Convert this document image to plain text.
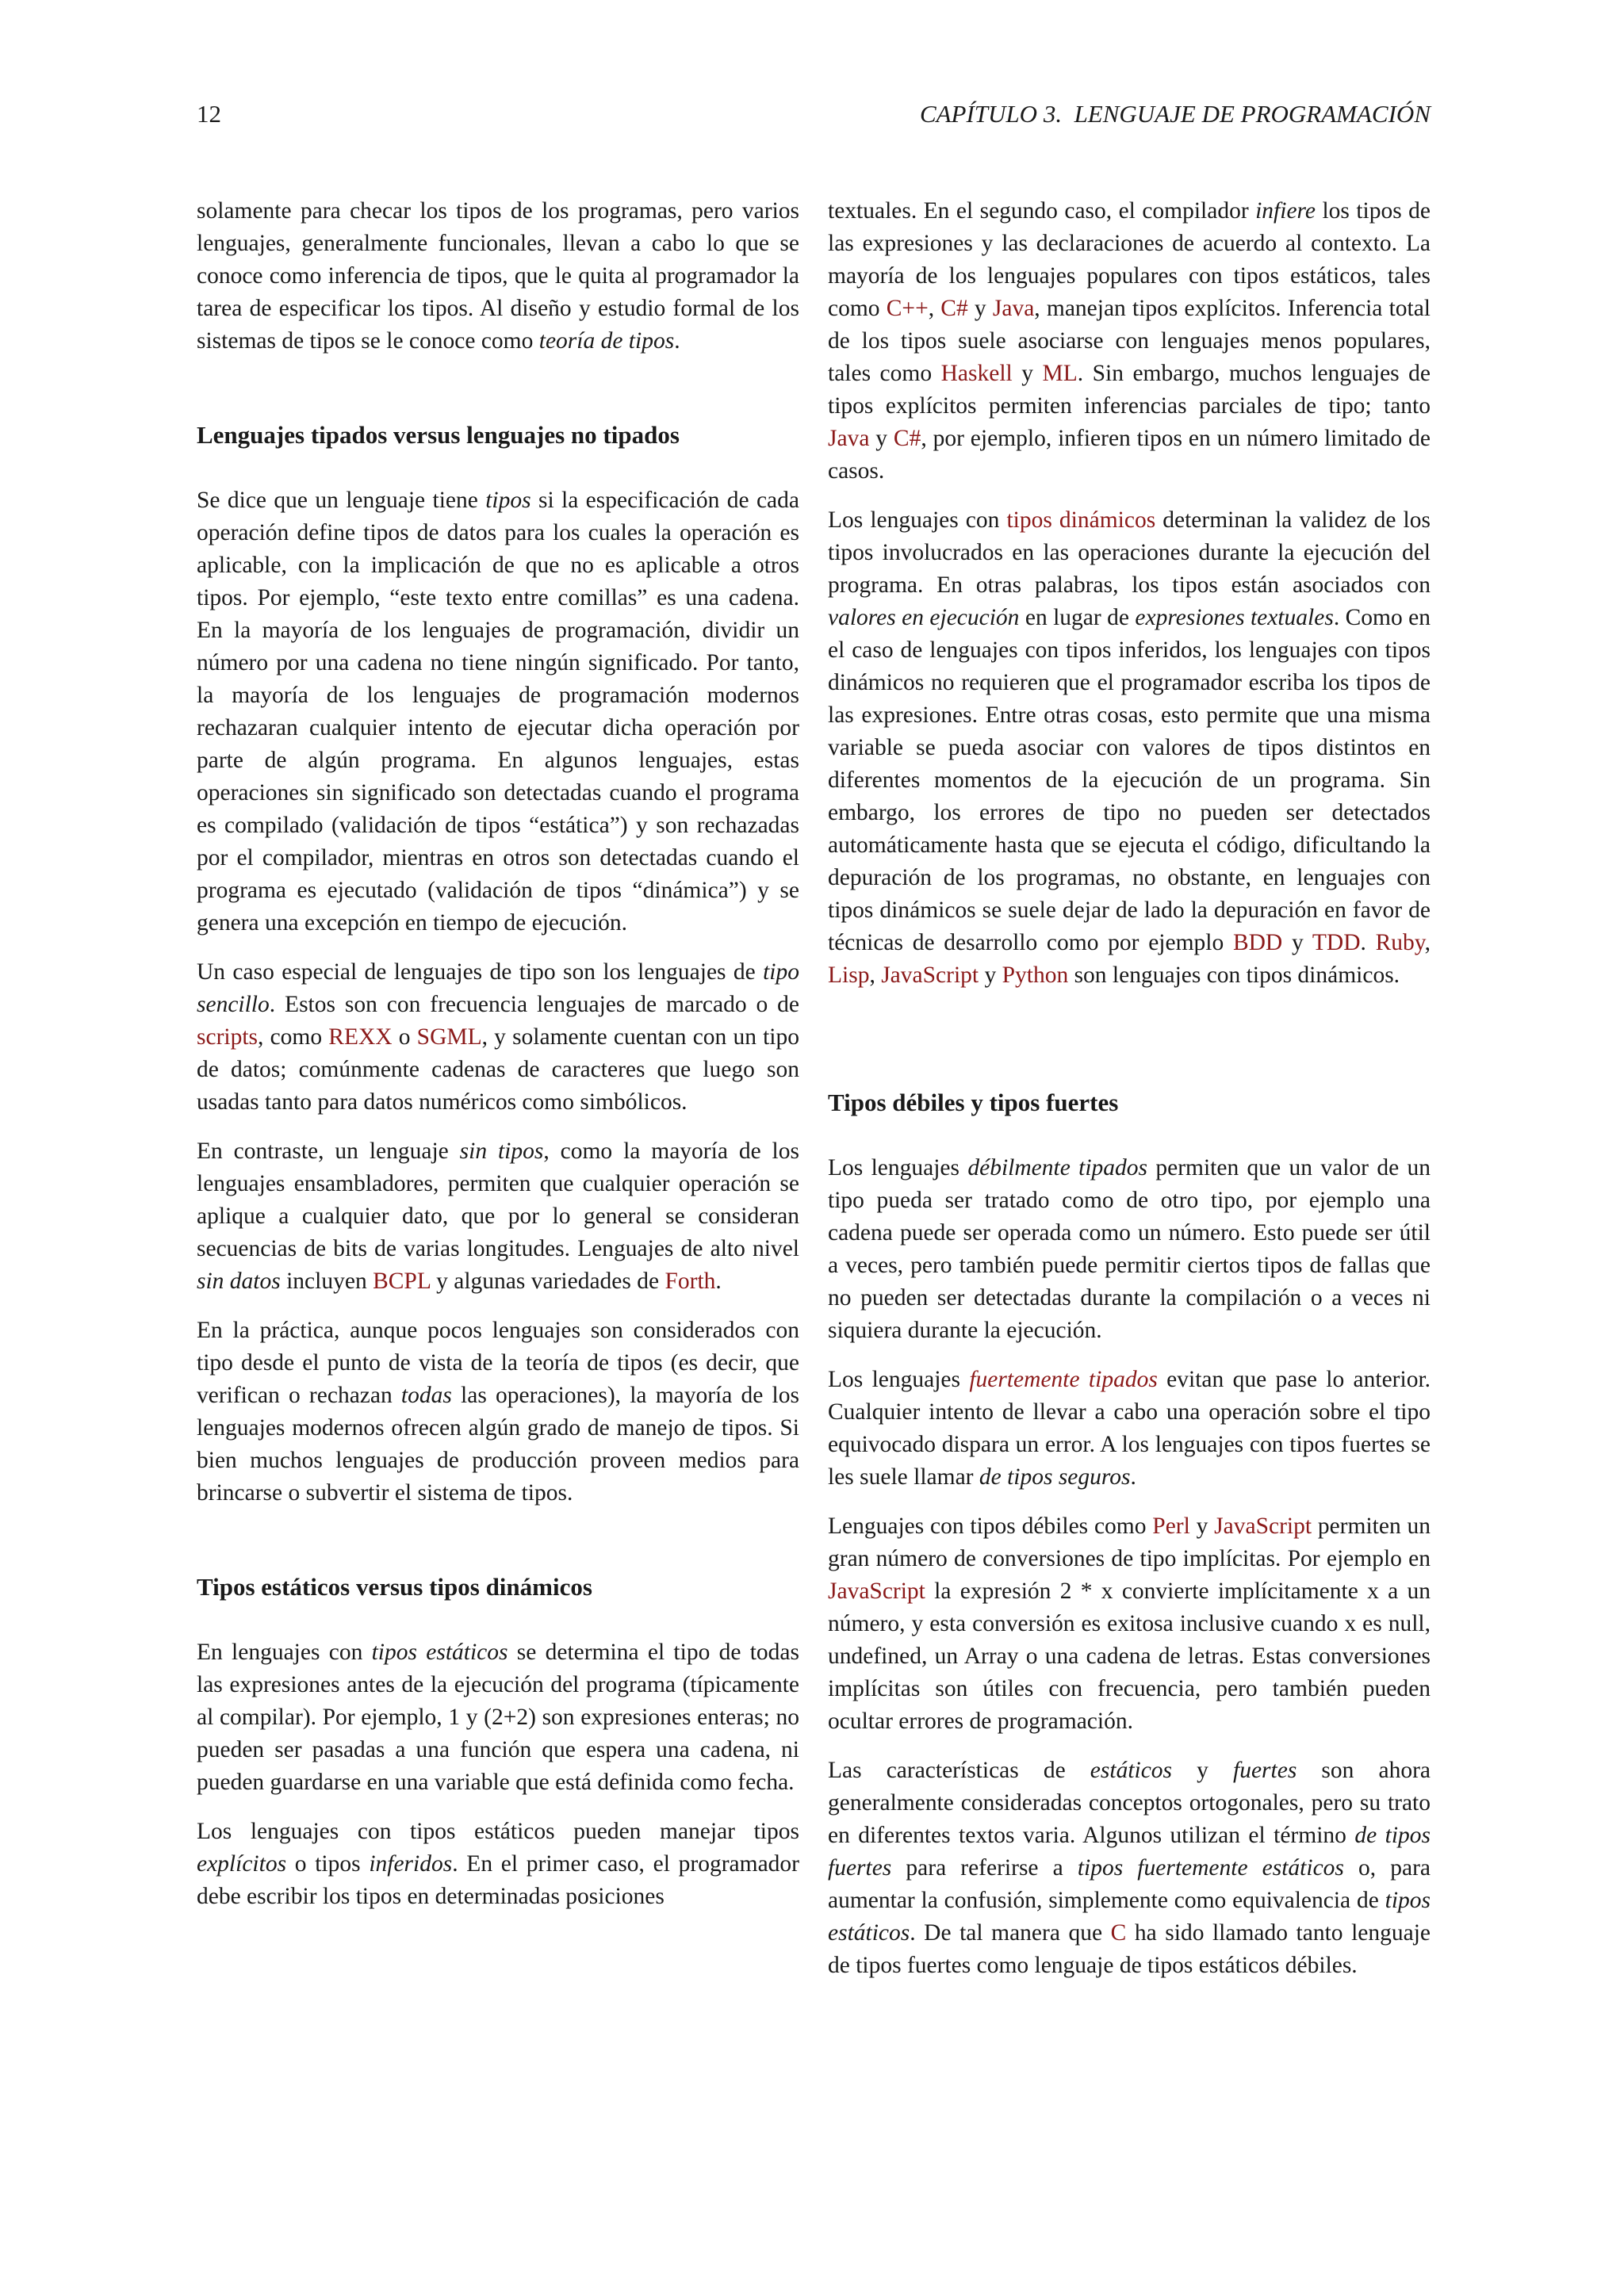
12	CAPÍTULO 3.  LENGUAJE DE PROGRAMACIÓN

solamente para checar los tipos de los programas, pero varios lenguajes, generalmente funcionales, llevan a cabo lo que se conoce como inferencia de tipos, que le quita al programador la tarea de especificar los tipos. Al diseño y estudio formal de los sistemas de tipos se le conoce como teoría de tipos.

Lenguajes tipados versus lenguajes no tipados

Se dice que un lenguaje tiene tipos si la especificación de cada operación define tipos de datos para los cuales la operación es aplicable, con la implicación de que no es aplicable a otros tipos. Por ejemplo, “este texto entre comillas” es una cadena. En la mayoría de los lenguajes de programación, dividir un número por una cadena no tiene ningún significado. Por tanto, la mayoría de los lenguajes de programación modernos rechazaran cualquier intento de ejecutar dicha operación por parte de algún programa. En algunos lenguajes, estas operaciones sin significado son detectadas cuando el programa es compilado (validación de tipos “estática”) y son rechazadas por el compilador, mientras en otros son detectadas cuando el programa es ejecutado (validación de tipos “dinámica”) y se genera una excepción en tiempo de ejecución.

Un caso especial de lenguajes de tipo son los lenguajes de tipo sencillo. Estos son con frecuencia lenguajes de marcado o de scripts, como REXX o SGML, y solamente cuentan con un tipo de datos; comúnmente cadenas de caracteres que luego son usadas tanto para datos numéricos como simbólicos.

En contraste, un lenguaje sin tipos, como la mayoría de los lenguajes ensambladores, permiten que cualquier operación se aplique a cualquier dato, que por lo general se consideran secuencias de bits de varias longitudes. Lenguajes de alto nivel sin datos incluyen BCPL y algunas variedades de Forth.

En la práctica, aunque pocos lenguajes son considerados con tipo desde el punto de vista de la teoría de tipos (es decir, que verifican o rechazan todas las operaciones), la mayoría de los lenguajes modernos ofrecen algún grado de manejo de tipos. Si bien muchos lenguajes de producción proveen medios para brincarse o subvertir el sistema de tipos.

Tipos estáticos versus tipos dinámicos

En lenguajes con tipos estáticos se determina el tipo de todas las expresiones antes de la ejecución del programa (típicamente al compilar). Por ejemplo, 1 y (2+2) son expresiones enteras; no pueden ser pasadas a una función que espera una cadena, ni pueden guardarse en una variable que está definida como fecha.

Los lenguajes con tipos estáticos pueden manejar tipos explícitos o tipos inferidos. En el primer caso, el programador debe escribir los tipos en determinadas posiciones

textuales. En el segundo caso, el compilador infiere los tipos de las expresiones y las declaraciones de acuerdo al contexto. La mayoría de los lenguajes populares con tipos estáticos, tales como C++, C# y Java, manejan tipos explícitos. Inferencia total de los tipos suele asociarse con lenguajes menos populares, tales como Haskell y ML. Sin embargo, muchos lenguajes de tipos explícitos permiten inferencias parciales de tipo; tanto Java y C#, por ejemplo, infieren tipos en un número limitado de casos.

Los lenguajes con tipos dinámicos determinan la validez de los tipos involucrados en las operaciones durante la ejecución del programa. En otras palabras, los tipos están asociados con valores en ejecución en lugar de expresiones textuales. Como en el caso de lenguajes con tipos inferidos, los lenguajes con tipos dinámicos no requieren que el programador escriba los tipos de las expresiones. Entre otras cosas, esto permite que una misma variable se pueda asociar con valores de tipos distintos en diferentes momentos de la ejecución de un programa. Sin embargo, los errores de tipo no pueden ser detectados automáticamente hasta que se ejecuta el código, dificultando la depuración de los programas, no obstante, en lenguajes con tipos dinámicos se suele dejar de lado la depuración en favor de técnicas de desarrollo como por ejemplo BDD y TDD. Ruby, Lisp, JavaScript y Python son lenguajes con tipos dinámicos.

Tipos débiles y tipos fuertes

Los lenguajes débilmente tipados permiten que un valor de un tipo pueda ser tratado como de otro tipo, por ejemplo una cadena puede ser operada como un número. Esto puede ser útil a veces, pero también puede permitir ciertos tipos de fallas que no pueden ser detectadas durante la compilación o a veces ni siquiera durante la ejecución.

Los lenguajes fuertemente tipados evitan que pase lo anterior. Cualquier intento de llevar a cabo una operación sobre el tipo equivocado dispara un error. A los lenguajes con tipos fuertes se les suele llamar de tipos seguros.

Lenguajes con tipos débiles como Perl y JavaScript permiten un gran número de conversiones de tipo implícitas. Por ejemplo en JavaScript la expresión 2 * x convierte implícitamente x a un número, y esta conversión es exitosa inclusive cuando x es null, undefined, un Array o una cadena de letras. Estas conversiones implícitas son útiles con frecuencia, pero también pueden ocultar errores de programación.

Las características de estáticos y fuertes son ahora generalmente consideradas conceptos ortogonales, pero su trato en diferentes textos varia. Algunos utilizan el término de tipos fuertes para referirse a tipos fuertemente estáticos o, para aumentar la confusión, simplemente como equivalencia de tipos estáticos. De tal manera que C ha sido llamado tanto lenguaje de tipos fuertes como lenguaje de tipos estáticos débiles.
